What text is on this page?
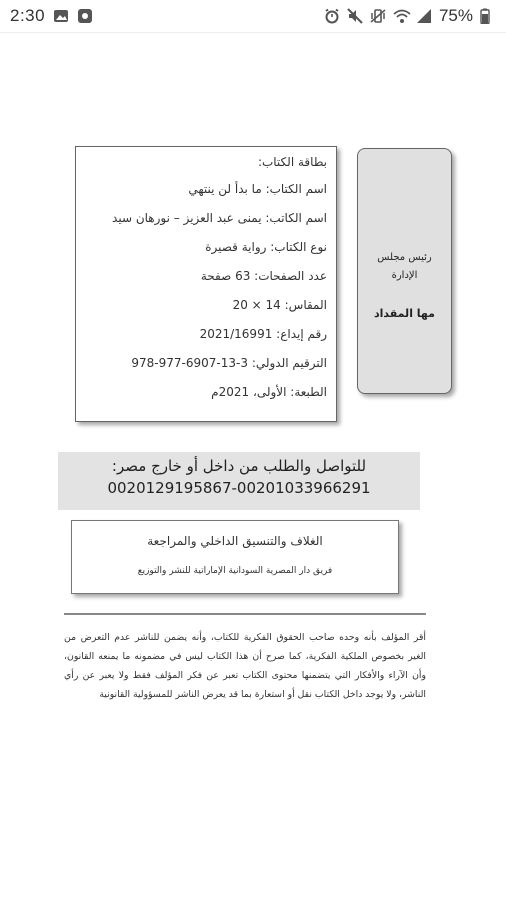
2:30	75%
بطاقة الكتاب:
اسم الكتاب: ما بدأ لن ينتهي
اسم الكاتب: يمنى عبد العزيز – نورهان سيد
نوع الكتاب: رواية قصيرة
عدد الصفحات: 63 صفحة
المقاس: 14 × 20
رقم إيداع: 2021/16991
الترقيم الدولي: 3-13-6907-977-978
الطبعة: الأولى، 2021م
رئيس مجلس الإدارة
مها المقداد
للتواصل والطلب من داخل أو خارج مصر:
0020129195867-00201033966291
الغلاف والتنسيق الداخلي والمراجعة
فريق دار المصرية السودانية الإماراتية للنشر والتوزيع
أقر المؤلف بأنه وحده صاحب الحقوق الفكرية للكتاب، وأنه يضمن للناشر عدم التعرض من الغير بخصوص الملكية الفكرية، كما صرح أن هذا الكتاب ليس في مضمونه ما يمنعه القانون، وأن الآراء والأفكار التي يتضمنها محتوى الكتاب تعبر عن فكر المؤلف فقط ولا يعبر عن رأي الناشر، ولا يوجد داخل الكتاب نقل أو استعارة بما قد يعرض الناشر للمسؤولية القانونية
